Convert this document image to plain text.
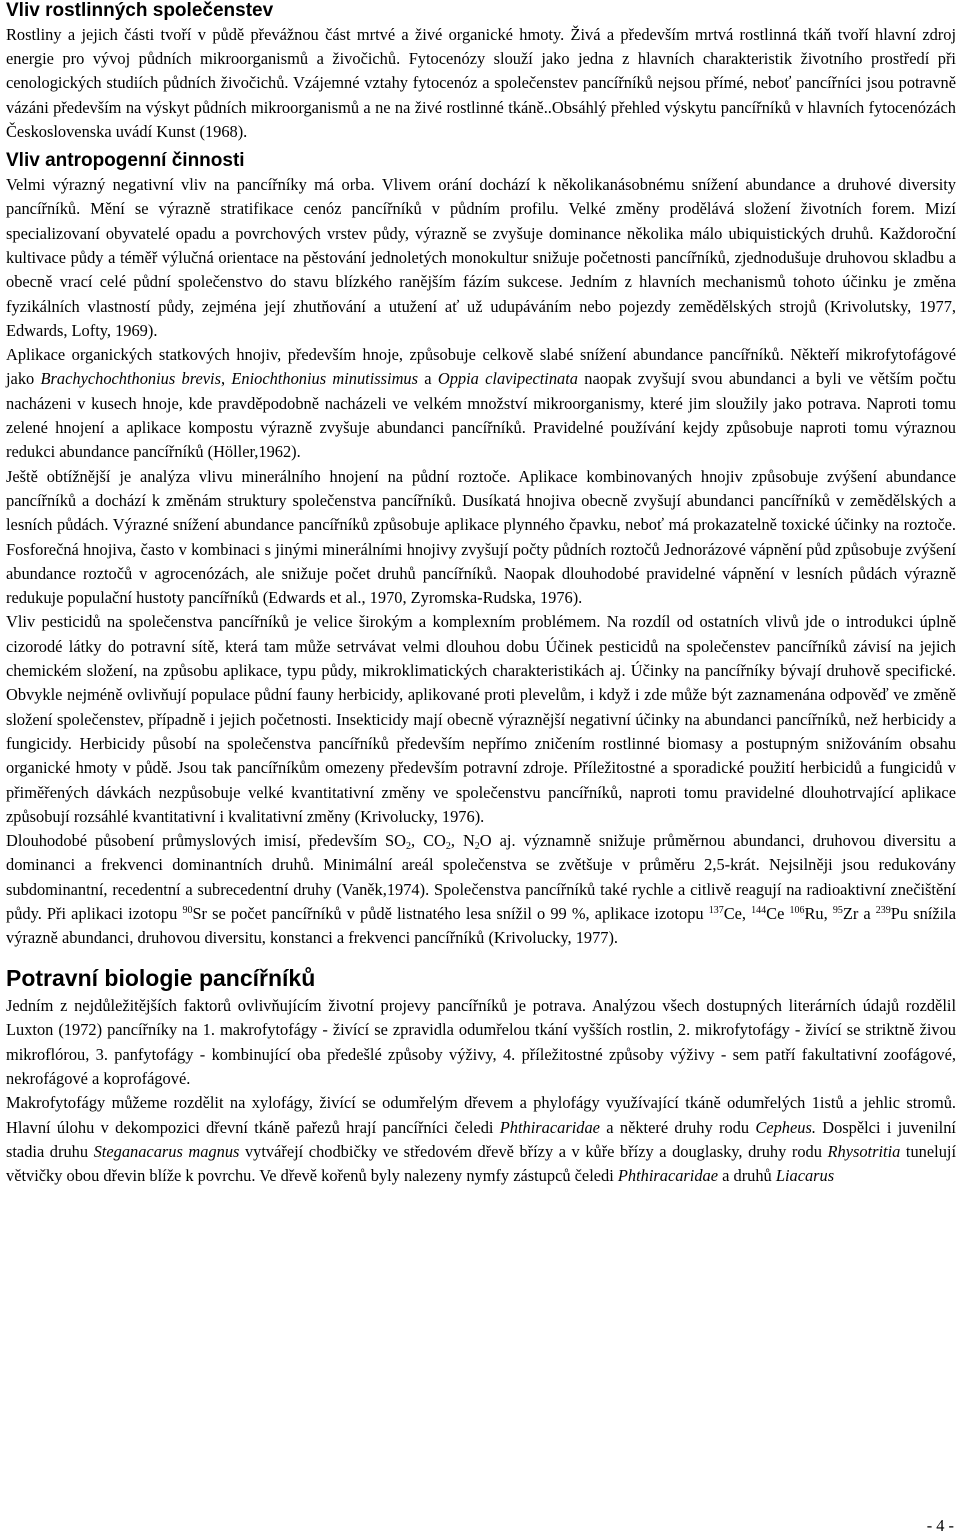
Vliv rostlinných společenstev

Rostliny a jejich části tvoří v půdě převážnou část mrtvé a živé organické hmoty. Živá a především mrtvá rostlinná tkáň tvoří hlavní zdroj energie pro vývoj půdních mikroorganismů a živočichů. Fytocenózy slouží jako jedna z hlavních charakteristik životního prostředí při cenologických studiích půdních živočichů. Vzájemné vztahy fytocenóz a společenstev pancířníků nejsou přímé, neboť pancířníci jsou potravně vázáni především na výskyt půdních mikroorganismů a ne na živé rostlinné tkáně..Obsáhlý přehled výskytu pancířníků v hlavních fytocenózách Československa uvádí Kunst (1968).

Vliv antropogenní činnosti

Velmi výrazný negativní vliv na pancířníky má orba. Vlivem orání dochází k několikanásobnému snížení abundance a druhové diversity pancířníků. Mění se výrazně stratifikace cenóz pancířníků v půdním profilu. Velké změny prodělává složení životních forem. Mizí specializovaní obyvatelé opadu a povrchových vrstev půdy, výrazně se zvyšuje dominance několika málo ubiquistických druhů. Každoroční kultivace půdy a téměř výlučná orientace na pěstování jednoletých monokultur snižuje početnosti pancířníků, zjednodušuje druhovou skladbu a obecně vrací celé půdní společenstvo do stavu blízkého ranějším fázím sukcese. Jedním z hlavních mechanismů tohoto účinku je změna fyzikálních vlastností půdy, zejména její zhutňování a utužení ať už udupáváním nebo pojezdy zemědělských strojů (Krivolutsky, 1977, Edwards, Lofty, 1969).

Aplikace organických statkových hnojiv, především hnoje, způsobuje celkově slabé snížení abundance pancířníků. Někteří mikrofytofágové jako Brachychochthonius brevis, Eniochthonius minutissimus a Oppia clavipectinata naopak zvyšují svou abundanci a byli ve větším počtu nacházeni v kusech hnoje, kde pravděpodobně nacházeli ve velkém množství mikroorganismy, které jim sloužily jako potrava. Naproti tomu zelené hnojení a aplikace kompostu výrazně zvyšuje abundanci pancířníků. Pravidelné používání kejdy způsobuje naproti tomu výraznou redukci abundance pancířníků (Höller,1962).

Ještě obtížnější je analýza vlivu minerálního hnojení na půdní roztoče. Aplikace kombinovaných hnojiv způsobuje zvýšení abundance pancířníků a dochází k změnám struktury společenstva pancířníků. Dusíkatá hnojiva obecně zvyšují abundanci pancířníků v zemědělských a lesních půdách. Výrazné snížení abundance pancířníků způsobuje aplikace plynného čpavku, neboť má prokazatelně toxické účinky na roztoče. Fosforečná hnojiva, často v kombinaci s jinými minerálními hnojivy zvyšují počty půdních roztočů Jednorázové vápnění půd způsobuje zvýšení abundance roztočů v agrocenózách, ale snižuje počet druhů pancířníků. Naopak dlouhodobé pravidelné vápnění v lesních půdách výrazně redukuje populační hustoty pancířníků (Edwards et al., 1970, Zyromska-Rudska, 1976).

Vliv pesticidů na společenstva pancířníků je velice širokým a komplexním problémem. Na rozdíl od ostatních vlivů jde o introdukci úplně cizorodé látky do potravní sítě, která tam může setrvávat velmi dlouhou dobu Účinek pesticidů na společenstev pancířníků závisí na jejich chemickém složení, na způsobu aplikace, typu půdy, mikroklimatických charakteristikách aj. Účinky na pancířníky bývají druhově specifické. Obvykle nejméně ovlivňují populace půdní fauny herbicidy, aplikované proti plevelům, i když i zde může být zaznamenána odpověď ve změně složení společenstev, případně i jejich početnosti. Insekticidy mají obecně výraznější negativní účinky na abundanci pancířníků, než herbicidy a fungicidy. Herbicidy působí na společenstva pancířníků především nepřímo zničením rostlinné biomasy a postupným snižováním obsahu organické hmoty v půdě. Jsou tak pancířníkům omezeny především potravní zdroje. Příležitostné a sporadické použití herbicidů a fungicidů v přiměřených dávkách nezpůsobuje velké kvantitativní změny ve společenstvu pancířníků, naproti tomu pravidelné dlouhotrvající aplikace způsobují rozsáhlé kvantitativní i kvalitativní změny (Krivolucky, 1976).

Dlouhodobé působení průmyslových imisí, především $SO_2$, $CO_2$, $N_2O$ aj. významně snižuje průměrnou abundanci, druhovou diversitu a dominanci a frekvenci dominantních druhů. Minimální areál společenstva se zvětšuje v průměru 2,5-krát. Nejsilněji jsou redukovány subdominantní, recedentní a subrecedentní druhy (Vaněk,1974). Společenstva pancířníků také rychle a citlivě reagují na radioaktivní znečištění půdy. Při aplikaci izotopu $^{90}$Sr se počet pancířníků v půdě listnatého lesa snížil o 99 %, aplikace izotopu $^{137}$Ce, $^{144}$Ce $^{106}$Ru, $^{95}$Zr a $^{239}$Pu snížila výrazně abundanci, druhovou diversitu, konstanci a frekvenci pancířníků (Krivolucky, 1977).

Potravní biologie pancířníků

Jedním z nejdůležitějších faktorů ovlivňujícím životní projevy pancířníků je potrava. Analýzou všech dostupných literárních údajů rozdělil Luxton (1972) pancířníky na 1. makrofytofágy - živící se zpravidla odumřelou tkání vyšších rostlin, 2. mikrofytofágy - živící se striktně živou mikroflórou, 3. panfytofágy - kombinující oba předešlé způsoby výživy, 4. příležitostné způsoby výživy - sem patří fakultativní zoofágové, nekrofágové a koprofágové.

Makrofytofágy můžeme rozdělit na xylofágy, živící se odumřelým dřevem a phylofágy využívající tkáně odumřelých 1istů a jehlic stromů. Hlavní úlohu v dekompozici dřevní tkáně pařezů hrají pancířníci čeledi Phthiracaridae a některé druhy rodu Cepheus. Dospělci i juvenilní stadia druhu Steganacarus magnus vytvářejí chodbičky ve středovém dřevě břízy a v kůře břízy a douglasky, druhy rodu Rhysotritia tunelují větvičky obou dřevin blíže k povrchu. Ve dřevě kořenů byly nalezeny nymfy zástupců čeledi Phthiracaridae a druhů Liacarus

- 4 -
